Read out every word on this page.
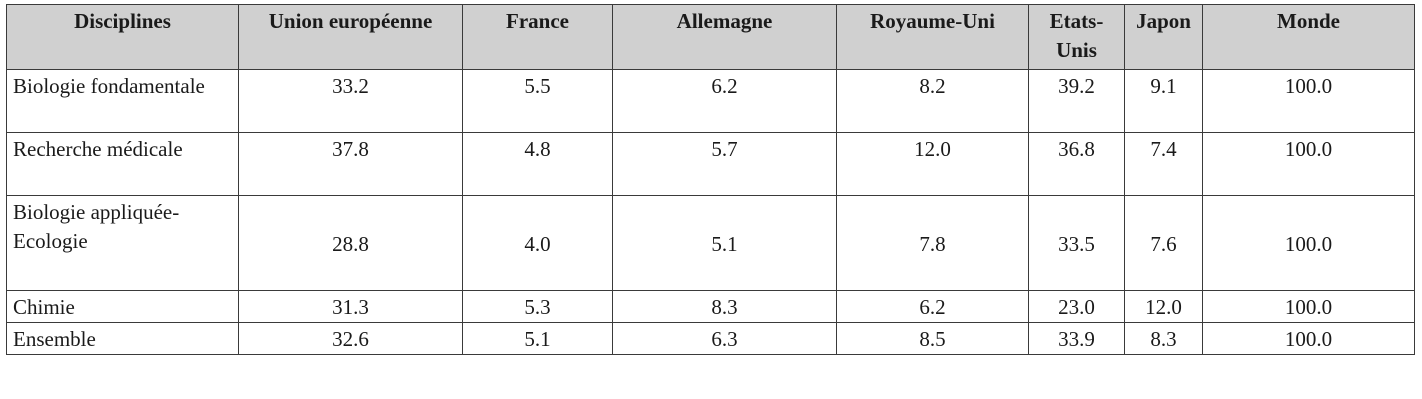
Disciplines	Union européenne	France	Allemagne	Royaume-Uni	Etats-Unis	Japon	Monde
Biologie fondamentale	33.2	5.5	6.2	8.2	39.2	9.1	100.0
Recherche médicale	37.8	4.8	5.7	12.0	36.8	7.4	100.0
Biologie appliquée-Ecologie	28.8	4.0	5.1	7.8	33.5	7.6	100.0
Chimie	31.3	5.3	8.3	6.2	23.0	12.0	100.0
Ensemble	32.6	5.1	6.3	8.5	33.9	8.3	100.0
